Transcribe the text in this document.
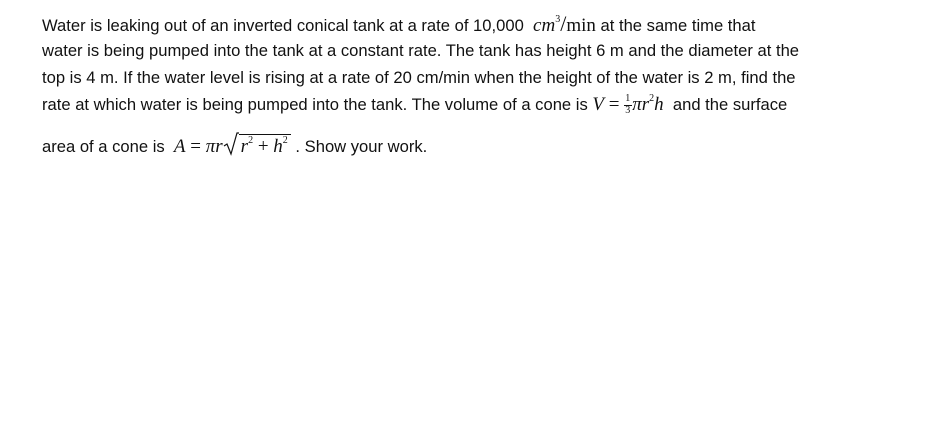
Water is leaking out of an inverted conical tank at a rate of 10,000 $cm^3/\min$ at the same time that
water is being pumped into the tank at a constant rate. The tank has height 6 m and the diameter at the
top is 4 m. If the water level is rising at a rate of 20 cm/min when the height of the water is 2 m, find the
rate at which water is being pumped into the tank. The volume of a cone is $V = \frac{1}{3} \pi r^2h$ and the surface
area of a cone is A = πr $r^2 + h^2$ . Show your work.
